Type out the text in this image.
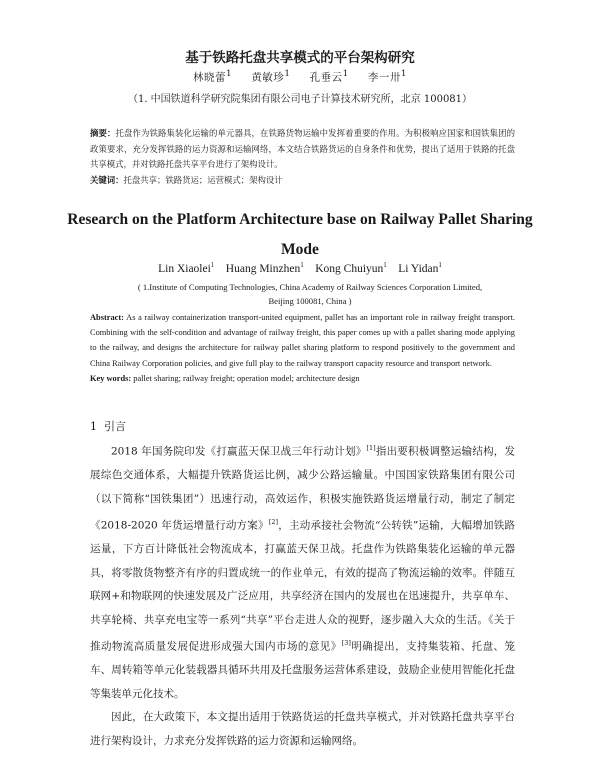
基于铁路托盘共享模式的平台架构研究
林晓蕾$^1$ 黄敏珍$^1$ 孔垂云$^1$ 李一卅$^1$
（1. 中国铁道科学研究院集团有限公司电子计算技术研究所，北京 100081）
摘要：托盘作为铁路集装化运输的单元器具，在铁路货物运输中发挥着重要的作用。为积极响应国家和国铁集团的政策要求，充分发挥铁路的运力资源和运输网络，本文结合铁路货运的自身条件和优势，提出了适用于铁路的托盘共享模式，并对铁路托盘共享平台进行了架构设计。
关键词：托盘共享；铁路货运；运营模式；架构设计
Research on the Platform Architecture base on Railway Pallet Sharing Mode
Lin Xiaolei$^1$ Huang Minzhen$^1$ Kong Chuiyun$^1$ Li Yidan$^1$
( 1.Institute of Computing Technologies, China Academy of Railway Sciences Corporation Limited,
Beijing 100081, China )
Abstract: As a railway containerization transport-united equipment, pallet has an important role in railway freight transport. Combining with the self-condition and advantage of railway freight, this paper comes up with a pallet sharing mode applying to the railway, and designs the architecture for railway pallet sharing platform to respond positively to the government and China Railway Corporation policies, and give full play to the railway transport capacity resource and transport network.
Key words: pallet sharing; railway freight; operation model; architecture design
1 引言

2018 年国务院印发《打赢蓝天保卫战三年行动计划》[1]指出要积极调整运输结构，发展综色交通体系，大幅提升铁路货运比例，减少公路运输量。中国国家铁路集团有限公司（以下简称“国铁集团”）迅速行动，高效运作，积极实施铁路货运增量行动，制定了制定《2018-2020 年货运增量行动方案》[2]，主动承接社会物流“公转铁”运输，大幅增加铁路运量，下方百计降低社会物流成本，打赢蓝天保卫战。托盘作为铁路集装化运输的单元器具，将零散货物整齐有序的归置成统一的作业单元，有效的提高了物流运输的效率。伴随互联网+和物联网的快速发展及广泛应用，共享经济在国内的发展也在迅速提升，共享单车、共享轮椅、共享充电宝等一系列“共享”平台走进人众的视野，逐步融入大众的生活。《关于推动物流高质量发展促进形成强大国内市场的意见》[3]明确提出，支持集装箱、托盘、笼车、周转箱等单元化装载器具循环共用及托盘服务运营体系建设，鼓励企业使用智能化托盘等集装单元化技术。

因此，在大政策下，本文提出适用于铁路货运的托盘共享模式，并对铁路托盘共享平台进行架构设计，力求充分发挥铁路的运力资源和运输网络。
